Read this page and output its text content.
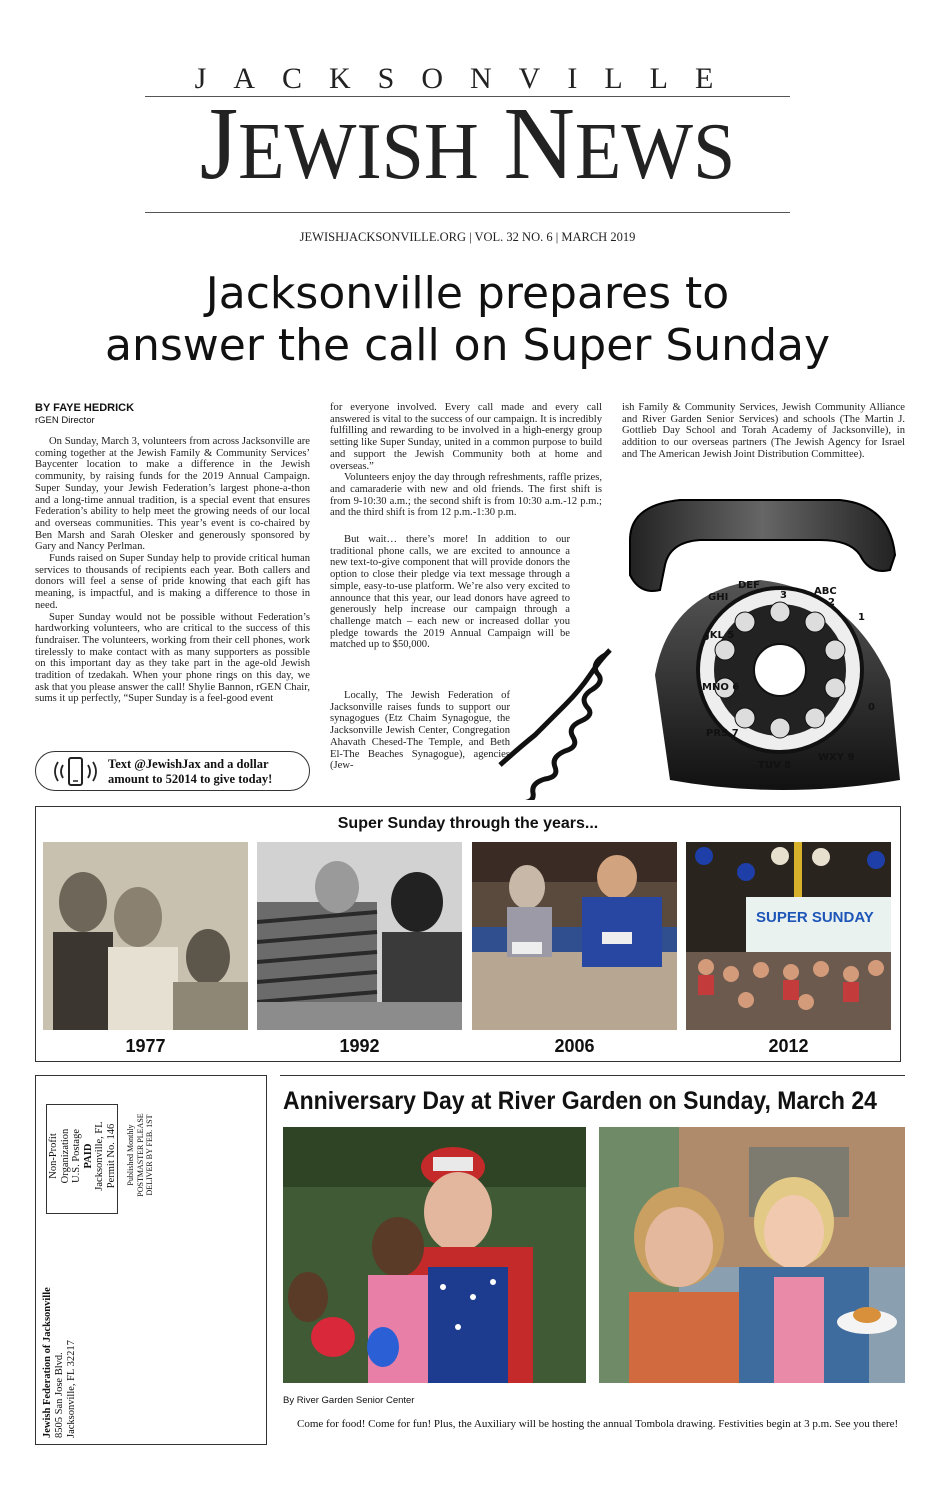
JACKSONVILLE
JEWISH NEWS
JEWISHJACKSONVILLE.ORG | VOL. 32 NO. 6 | MARCH 2019
Jacksonville prepares to
answer the call on Super Sunday
BY FAYE HEDRICK
rGEN Director

On Sunday, March 3, volunteers from across Jacksonville are coming together at the Jewish Family & Community Services’ Baycenter location to make a difference in the Jewish community, by raising funds for the 2019 Annual Campaign. Super Sunday, your Jewish Federation’s largest phone-a-thon and a long-time annual tradition, is a special event that ensures Federation’s ability to help meet the growing needs of our local and overseas communities. This year’s event is co-chaired by Ben Marsh and Sarah Olesker and generously sponsored by Gary and Nancy Perlman.

Funds raised on Super Sunday help to provide critical human services to thousands of recipients each year. Both callers and donors will feel a sense of pride knowing that each gift has meaning, is impactful, and is making a difference to those in need.

Super Sunday would not be possible without Federation’s hardworking volunteers, who are critical to the success of this fundraiser. The volunteers, working from their cell phones, work tirelessly to make contact with as many supporters as possible on this important day as they take part in the age-old Jewish tradition of tzedakah. When your phone rings on this day, we ask that you please answer the call! Shylie Bannon, rGEN Chair, sums it up perfectly, “Super Sunday is a feel-good event

for everyone involved. Every call made and every call answered is vital to the success of our campaign. It is incredibly fulfilling and rewarding to be involved in a high-energy group setting like Super Sunday, united in a common purpose to build and support the Jewish Community both at home and overseas.”

Volunteers enjoy the day through refreshments, raffle prizes, and camaraderie with new and old friends. The first shift is from 9-10:30 a.m.; the second shift is from 10:30 a.m.-12 p.m.; and the third shift is from 12 p.m.-1:30 p.m.

But wait… there’s more! In addition to our traditional phone calls, we are excited to announce a new text-to-give component that will provide donors the option to close their pledge via text message through a simple, easy-to-use platform. We’re also very excited to announce that this year, our lead donors have agreed to generously help increase our campaign through a challenge match – each new or increased dollar you pledge towards the 2019 Annual Campaign will be matched up to $50,000.

Locally, The Jewish Federation of Jacksonville raises funds to support our synagogues (Etz Chaim Synagogue, the Jacksonville Jewish Center, Congregation Ahavath Chesed-The Temple, and Beth El-The Beaches Synagogue), agencies (Jew-

ish Family & Community Services, Jewish Community Alliance and River Garden Senior Services) and schools (The Martin J. Gottlieb Day School and Torah Academy of Jacksonville), in addition to our overseas partners (The Jewish Agency for Israel and The American Jewish Joint Distribution Committee).

Text @JewishJax and a dollar
amount to 52014 to give today!
DEF
ABC
1
3
2
GHI
JKL 5
MNO 6
PRS 7
TUV 8
WXY 9
0
Super Sunday through the years...
1977	1992	2006
SUPER SUNDAY
2012
Non-Profit Organization U.S. Postage PAID Jacksonville, FL Permit No. 146 Published Monthly POSTMASTER PLEASE DELIVER BY FEB. 1ST
Jewish Federation of Jacksonville 8505 San Jose Blvd. Jacksonville, FL 32217
Anniversary Day at River Garden on Sunday, March 24
By River Garden Senior Center
Come for food! Come for fun! Plus, the Auxiliary will be hosting the annual Tombola drawing. Festivities begin at 3 p.m. See you there!
